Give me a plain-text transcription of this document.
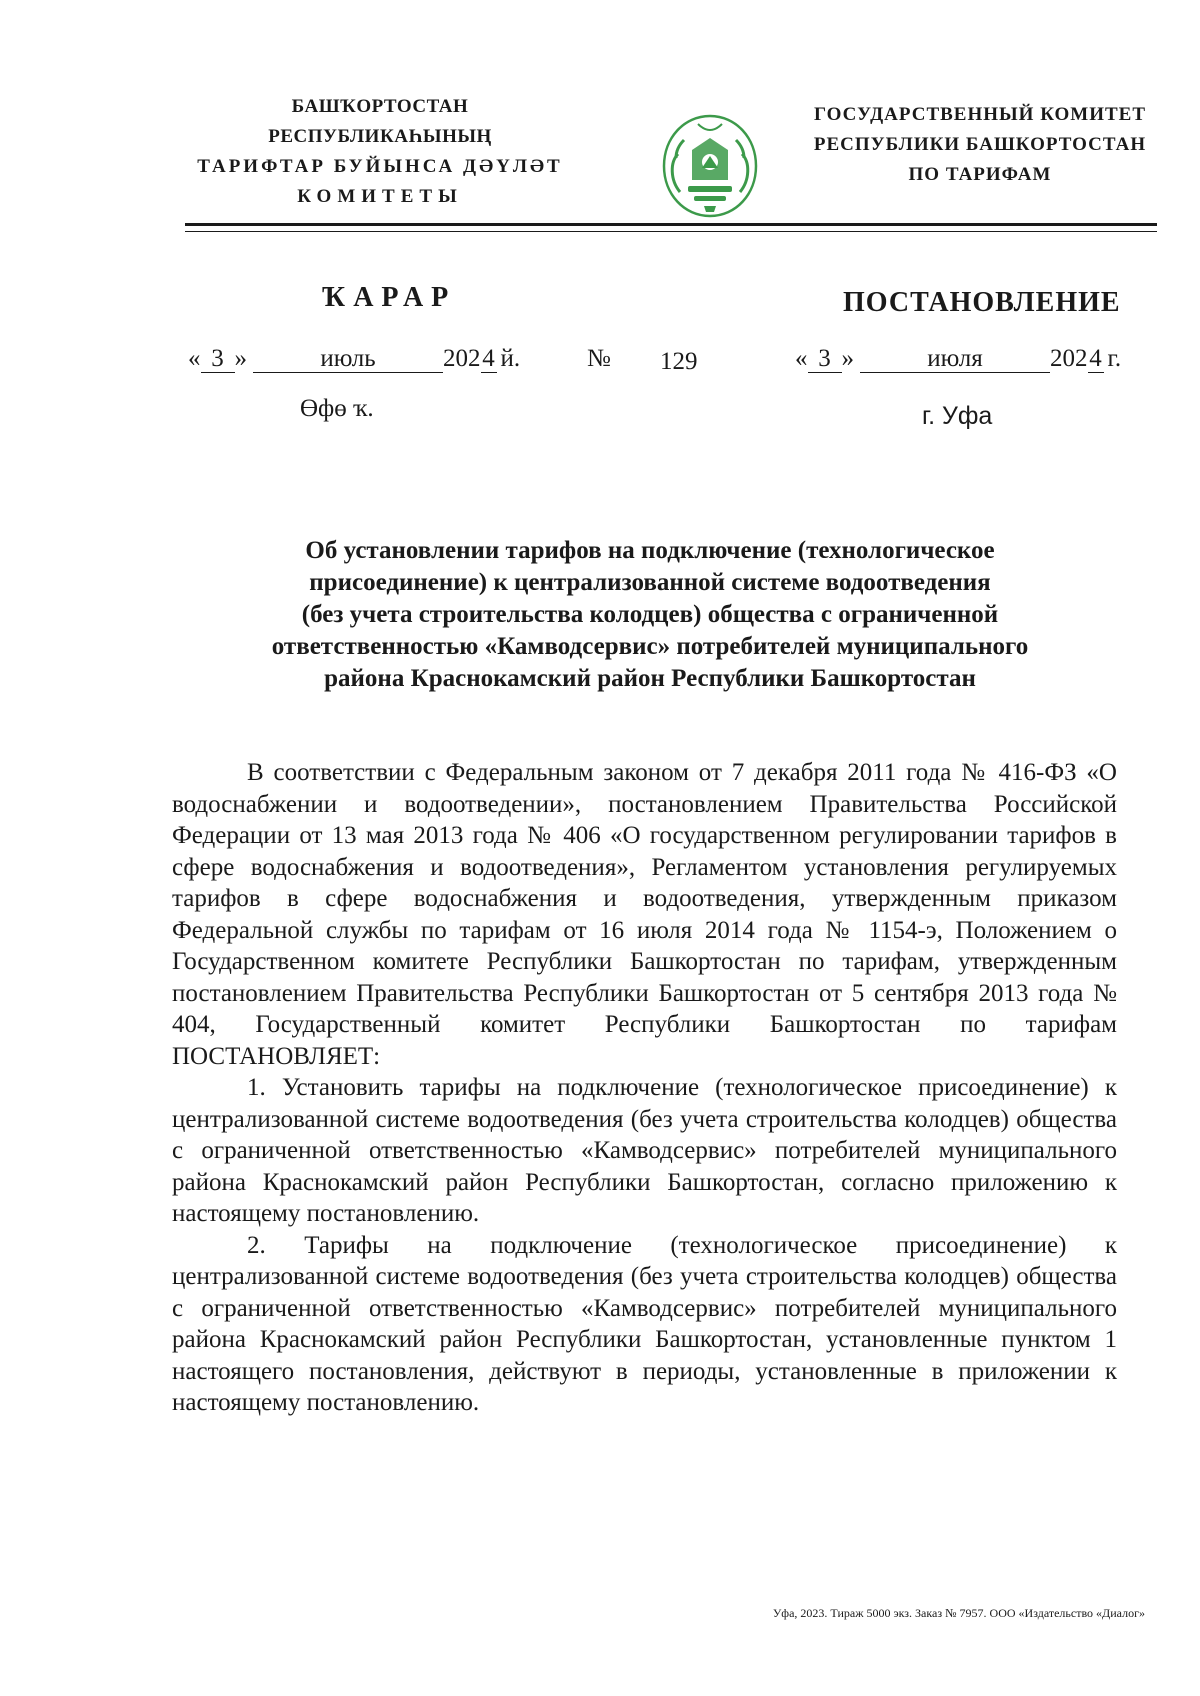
БАШҠОРТОСТАН РЕСПУБЛИКАҺЫНЫҢ
ТАРИФТАР БУЙЫНСА ДӘҮЛӘТ
КОМИТЕТЫ
ГОСУДАРСТВЕННЫЙ КОМИТЕТ
РЕСПУБЛИКИ БАШКОРТОСТАН
ПО ТАРИФАМ
ҠАРАР	ПОСТАНОВЛЕНИЕ
« 3 »	июль	2024 й.	№ 129	« 3 »	июля	2024 г.
Өфө ҡ.	г. Уфа
Об установлении тарифов на подключение (технологическое
присоединение) к централизованной системе водоотведения
(без учета строительства колодцев) общества с ограниченной
ответственностью «Камводсервис» потребителей муниципального
района Краснокамский район Республики Башкортостан

В соответствии с Федеральным законом от 7 декабря 2011 года № 416-ФЗ «О водоснабжении и водоотведении», постановлением Правительства Российской Федерации от 13 мая 2013 года № 406 «О государственном регулировании тарифов в сфере водоснабжения и водоотведения», Регламентом установления регулируемых тарифов в сфере водоснабжения и водоотведения, утвержденным приказом Федеральной службы по тарифам от 16 июля 2014 года № 1154-э, Положением о Государственном комитете Республики Башкортостан по тарифам, утвержденным постановлением Правительства Республики Башкортостан от 5 сентября 2013 года № 404, Государственный комитет Республики Башкортостан по тарифам ПОСТАНОВЛЯЕТ:

1. Установить тарифы на подключение (технологическое присоединение) к централизованной системе водоотведения (без учета строительства колодцев) общества с ограниченной ответственностью «Камводсервис» потребителей муниципального района Краснокамский район Республики Башкортостан, согласно приложению к настоящему постановлению.

2. Тарифы на подключение (технологическое присоединение) к централизованной системе водоотведения (без учета строительства колодцев) общества с ограниченной ответственностью «Камводсервис» потребителей муниципального района Краснокамский район Республики Башкортостан, установленные пунктом 1 настоящего постановления, действуют в периоды, установленные в приложении к настоящему постановлению.

Уфа, 2023. Тираж 5000 экз. Заказ № 7957. ООО «Издательство «Диалог»
